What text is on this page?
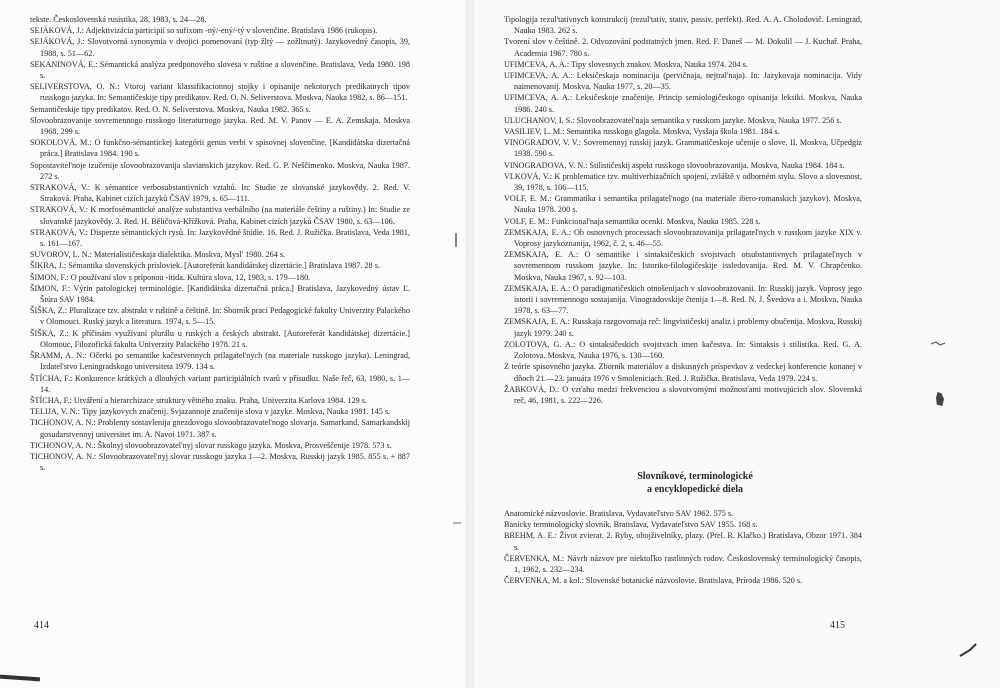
tekste. Československá rusistika, 28, 1983, s. 24—28.

SEJÁKOVÁ, J.: Adjektivizácia participií so sufixom -ný/-ený/-tý v slovenčine. Bratislava 1986 (rukopis).

SEJÁKOVÁ, J.: Slovotvorná synonymia v dvojici pomenovaní (typ žltý — zožltnutý). Jazykovedný časopis, 39, 1988, s. 51—62.

SEKANINOVÁ, E.: Sémantická analýza predponového slovesa v ruštine a slovenčine. Bratislava, Veda 1980. 198 s.

SELIVERSTOVA, O. N.: Vtoroj variant klassifikacionnoj stojky i opisanije nekotorych predikatnych tipov russkogo jazyka. In: Semantičeskije tipy predikatov. Red. O. N. Seliverstova. Moskva, Nauka 1982, s. 86—151.

Semantičeskije tipy predikatov. Red. O. N. Seliverstova. Moskva, Nauka 1982. 365 s.

Slovoobrazovanije sovremennogo russkogo literaturnogo jazyka. Red. M. V. Panov — E. A. Zemskaja. Moskva 1968. 299 s.

SOKOLOVÁ, M.: O funkčno-sémantickej kategórii genus verbi v spisovnej slovenčine. [Kandidátska dizertačná práca.] Bratislava 1984. 190 s.

Sopostavitel'noje izučenije slovoobrazovanija slavianskich jazykov. Red. G. P. Neščimenko. Moskva, Nauka 1987. 272 s.

STRAKOVÁ, V.: K sémantice verbosubstantivních vztahů. In: Studie ze slovanské jazykovědy. 2. Red. V. Straková. Praha, Kabinet cizích jazyků ČSAV 1979, s. 65—111.

STRAKOVÁ, V.: K morfosémantické analýze substantiva verbálního (na materiále češtiny a ruštiny.) In: Studie ze slovanské jazykovědy. 3. Red. H. Běličová-Křížková. Praha, Kabinet cizích jazyků ČSAV 1980, s. 63—106.

STRAKOVÁ, V.: Disperze sémantických rysů. In: Jazykovědné štúdie. 16. Red. J. Ružička. Bratislava, Veda 1981, s. 161—167.

SUVOROV, L. N.: Materialističeskaja dialektika. Moskva, Mysl' 1980. 264 s.

ŠIKRA, J.: Sémantika slovenských prísloviek. [Autoreferát kandidátskej dizertácie.] Bratislava 1987. 28 s.

ŠIMON, F.: O používaní slov s príponou -itida. Kultúra slova, 12, 1983, s. 179—180.

ŠIMON, F.: Výrin patologickej terminológie. [Kandidátska dizertačná práca.] Bratislava, Jazykovedný ústav Ľ. Štúra SAV 1984.

ŠIŠKA, Z.: Pluralizace tzv. abstrakt v ruštině a češtině. In: Sborník prací Pedagogické fakulty Univerzity Palackého v Olomouci. Ruský jazyk a literatura. 1974, s. 5—15.

ŠIŠKA, Z.: K příčinám využívaní plurálu u ruských a českých abstrakt. [Autoreferát kandidátskej dizertácie.] Olomouc, Filozofická fakulta Univerzity Palackého 1978. 21 s.

ŠRAMM, A. N.: Očerki po semantike kačestvennych prilagatel'nych (na materiale russkogo jazyka). Leningrad, Izdatel'stvo Leningradskogo universiteta 1979. 134 s.

ŠTÍCHA, F.: Konkurence krátkých a dlouhých variant participiálních tvarů v přísudku. Naše řeč, 63, 1980, s. 1—14.

ŠTÍCHA, F.: Utváření a hierarchizace struktury větného znaku. Praha, Univerzita Karlova 1984. 129 s.

TELIJA, V. N.: Tipy jazykovych značenij. Svjazannoje značenije slova v jazyke. Moskva, Nauka 1981. 145 s.

TICHONOV, A. N.: Problemy sostavlenija gnezdovogo slovoobrazovatel'nogo slovarja. Samarkand, Samarkandskij gosudarstvennyj universitet im. A. Navoi 1971. 387 s.

TICHONOV, A. N.: Školnyj slovoobrazovatel'nyj slovar russkogo jazyka. Moskva, Prosveščenije 1978. 573 s.

TICHONOV, A. N.: Slovoobrazovatel'nyj slovar russkogo jazyka 1—2. Moskva, Russkij jazyk 1985. 855 s. + 887 s.

414

Tipologija rezul'tativnych konstrukcij (rezul'tativ, stativ, passiv, perfekt). Red. A. A. Cholodovič. Leningrad, Nauka 1983. 262 s.

Tvorení slov v češtině. 2. Odvozování podstatných jmen. Red. F. Daneš — M. Dokulil — J. Kuchař. Praha, Academia 1967. 780 s.

UFIMCEVA, A. A.: Tipy slovesnych znakov. Moskva, Nauka 1974. 204 s.

UFIMCEVA, A. A.: Leksičeskaja nominacija (pervičnaja, nejtral'naja). In: Jazykovaja nominacija. Vidy naimenovanij. Moskva, Nauka 1977, s. 20—35.

UFIMCEVA, A. A.: Leksičeskoje značenije. Princip semiologičeskogo opisanija leksiki. Moskva, Nauka 1986. 240 s.

ULUCHANOV, I. S.: Slovoobrazovatel'naja semantika v russkom jazyke. Moskva, Nauka 1977. 256 s.

VASILIEV, L. M.: Semantika russkogo glagola. Moskva, Vysšaja škola 1981. 184 s.

VINOGRADOV, V. V.: Sovremennyj russkij jazyk. Grammatičeskoje učenije o slove. II. Moskva, Učpedgiz 1938. 590 s.

VINOGRADOVA, V. N.: Stilističeskij aspekt russkogo slovoobrazovanija. Moskva, Nauka 1984. 184 s.

VLKOVÁ, V.: K problematice tzv. multiverbizačních spojení, zvláště v odborném stylu. Slovo a slovesnost, 39, 1978, s. 106—115.

VOLF, E. M.: Grammatika i semantika prilagatel'nogo (na materiale ibero-romanskich jazykov). Moskva, Nauka 1978. 200 s.

VOLF, E. M.: Funkcional'naja semantika ocenki. Moskva, Nauka 1985. 228 s.

ZEMSKAJA, E. A.: Ob osnovnych processach slovoobrazovanija prilagatel'nych v russkom jazyke XIX v. Voprosy jazykoznanija, 1962, č. 2, s. 46—55.

ZEMSKAJA, E. A.: O semantike i sintaksičeskich svojstvach otsubstantivnych prilagatel'nych v sovremennom russkom jazyke. In: Istoriko-filologičeskije issledovanija. Red. M. V. Chrapčenko. Moskva, Nauka 1967, s. 92—103.

ZEMSKAJA, E. A.: O paradigmatičeskich otnošenijach v slovoobrazovanii. In: Russkij jazyk. Voprosy jego istorii i sovremennogo sostajanija. Vinogradovskije čtenija 1—8. Red. N. J. Švedova a i. Moskva, Nauka 1978, s. 63—77.

ZEMSKAJA, E. A.: Russkaja razgovornaja reč: lingvističeskij analiz i problemy obučenija. Moskva, Russkij jazyk 1979. 240 s.

ZOLOTOVA, G. A.: O sintaksičeskich svojstvach imen kačestva. In: Sintaksis i stilistika. Red. G. A. Zolotova. Moskva, Nauka 1976, s. 130—160.

Z teórie spisovného jazyka. Zborník materiálov a diskusných príspevkov z vedeckej konferencie konanej v dňoch 21.—23. januára 1976 v Smoleniciach. Red. J. Ružička. Bratislava, Veda 1979. 224 s.

ŽABKOVÁ, D.: O vzťahu medzi frekvenciou a slovotvornými možnosťami motivujúcich slov. Slovenská reč, 46, 1981, s. 222—226.

Slovníkové, terminologické
a encyklopedické diela

Anatomické názvoslovie. Bratislava, Vydavateľstvo SAV 1962. 575 s.

Banícky terminologický slovník. Bratislava, Vydavateľstvo SAV 1955. 168 s.

BREHM, A. E.: Život zvierat. 2. Ryby, obojživelníky, plazy. (Prel. R. Klačko.) Bratislava, Obzor 1971. 384 s.

ČERVENKA, M.: Návrh názvov pre niektoľko rastlinných rodov. Československý terminologický časopis, 1, 1962, s. 232—234.

ČERVENKA, M. a kol.: Slovenské botanické názvoslovie. Bratislava, Príroda 1986. 520 s.

415
